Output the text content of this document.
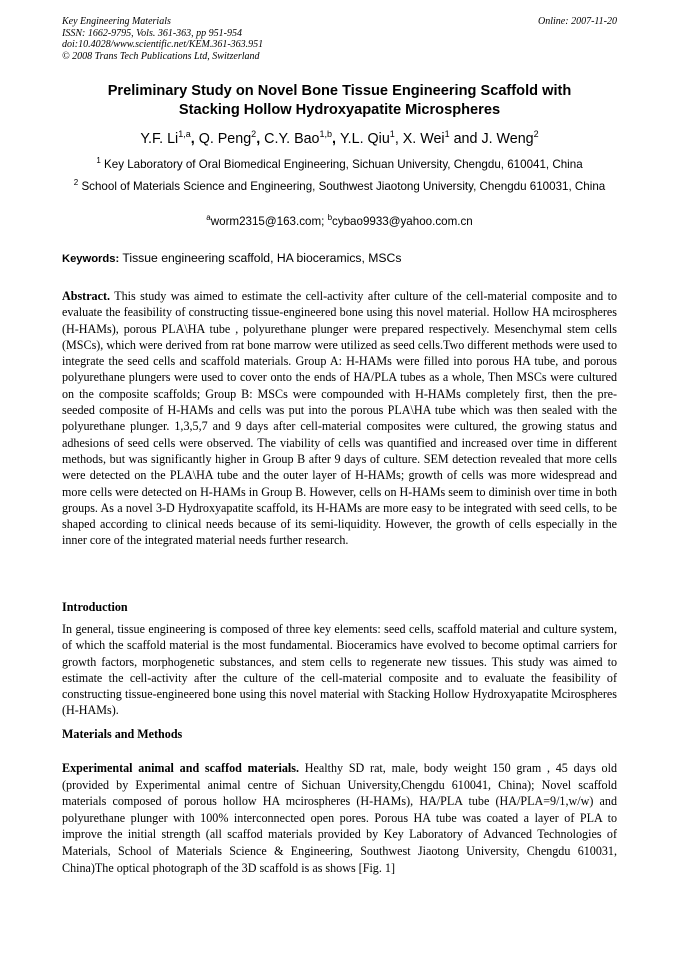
Key Engineering Materials
ISSN: 1662-9795, Vols. 361-363, pp 951-954
doi:10.4028/www.scientific.net/KEM.361-363.951
© 2008 Trans Tech Publications Ltd, Switzerland
Online: 2007-11-20
Preliminary Study on Novel Bone Tissue Engineering Scaffold with
Stacking Hollow Hydroxyapatite Microspheres
Y.F. Li$^{1,a}$, Q. Peng$^2$, C.Y. Bao$^{1,b}$, Y.L. Qiu$^1$, X. Wei$^1$ and J. Weng$^2$
$^1$ Key Laboratory of Oral Biomedical Engineering, Sichuan University, Chengdu, 610041, China
$^2$ School of Materials Science and Engineering, Southwest Jiaotong University, Chengdu 610031, China
$^a$worm2315@163.com; $^b$cybao9933@yahoo.com.cn
Keywords: Tissue engineering scaffold, HA bioceramics, MSCs
Abstract. This study was aimed to estimate the cell-activity after culture of the cell-material composite and to evaluate the feasibility of constructing tissue-engineered bone using this novel material. Hollow HA mcirospheres (H-HAMs), porous PLA\HA tube , polyurethane plunger were prepared respectively. Mesenchymal stem cells (MSCs), which were derived from rat bone marrow were utilized as seed cells.Two different methods were used to integrate the seed cells and scaffold materials. Group A: H-HAMs were filled into porous HA tube, and porous polyurethane plungers were used to cover onto the ends of HA/PLA tubes as a whole, Then MSCs were cultured on the composite scaffolds; Group B: MSCs were compounded with H-HAMs completely first, then the pre-seeded composite of H-HAMs and cells was put into the porous PLA\HA tube which was then sealed with the polyurethane plunger. 1,3,5,7 and 9 days after cell-material composites were cultured, the growing status and adhesions of seed cells were observed. The viability of cells was quantified and increased over time in different methods, but was significantly higher in Group B after 9 days of culture. SEM detection revealed that more cells were detected on the PLA\HA tube and the outer layer of H-HAMs; growth of cells was more widespread and more cells were detected on H-HAMs in Group B. However, cells on H-HAMs seem to diminish over time in both groups. As a novel 3-D Hydroxyapatite scaffold, its H-HAMs are more easy to be integrated with seed cells, to be shaped according to clinical needs because of its semi-liquidity. However, the growth of cells especially in the inner core of the integrated material needs further research.
Introduction
In general, tissue engineering is composed of three key elements: seed cells, scaffold material and culture system, of which the scaffold material is the most fundamental. Bioceramics have evolved to become optimal carriers for growth factors, morphogenetic substances, and stem cells to regenerate new tissues. This study was aimed to estimate the cell-activity after the culture of the cell-material composite and to evaluate the feasibility of constructing tissue-engineered bone using this novel material with Stacking Hollow Hydroxyapatite Mcirospheres (H-HAMs).
Materials and Methods
Experimental animal and scaffod materials. Healthy SD rat, male, body weight 150 gram , 45 days old (provided by Experimental animal centre of Sichuan University,Chengdu 610041, China); Novel scaffold materials composed of porous hollow HA mcirospheres (H-HAMs), HA/PLA tube (HA/PLA=9/1,w/w) and polyurethane plunger with 100% interconnected open pores. Porous HA tube was coated a layer of PLA to improve the initial strength (all scaffod materials provided by Key Laboratory of Advanced Technologies of Materials, School of Materials Science & Engineering, Southwest Jiaotong University, Chengdu 610031, China)The optical photograph of the 3D scaffold is as shows [Fig. 1]
